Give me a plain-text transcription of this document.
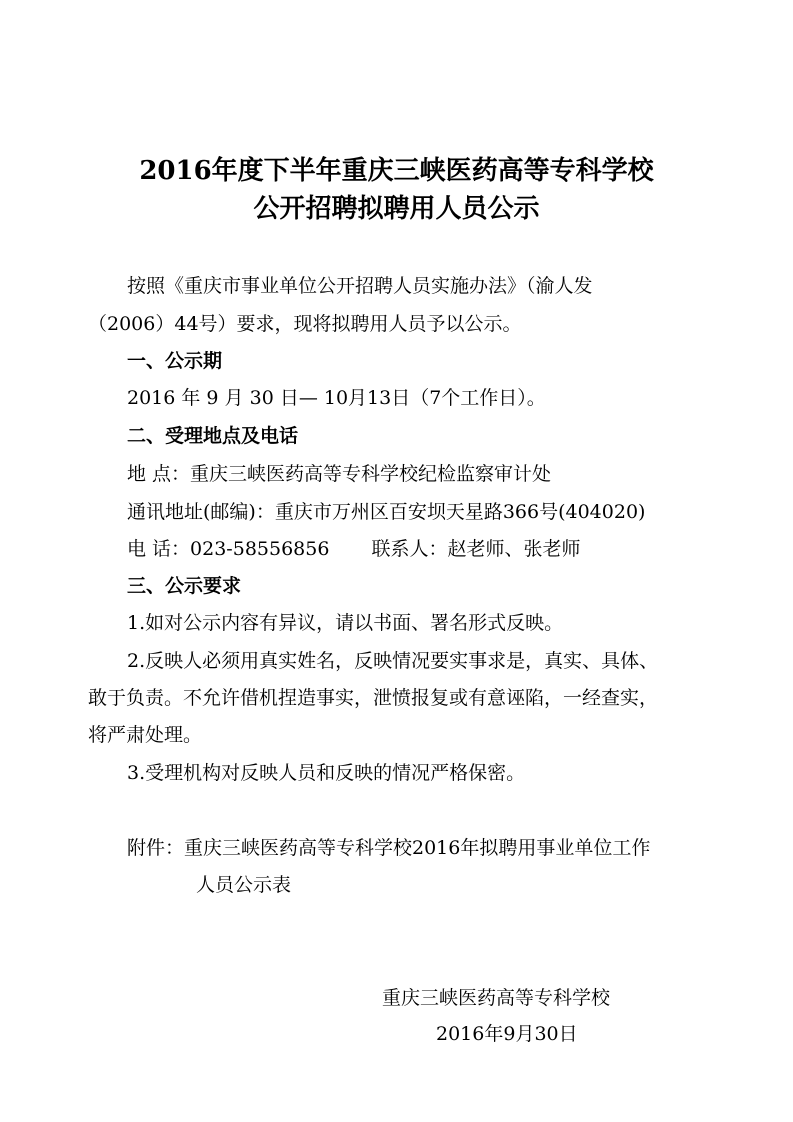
2016年度下半年重庆三峡医药高等专科学校
公开招聘拟聘用人员公示
按照《重庆市事业单位公开招聘人员实施办法》（渝人发
（2006）44号）要求，现将拟聘用人员予以公示。
一、公示期
2016 年 9 月 30 日— 10月13日（7个工作日）。
二、受理地点及电话
地 点：重庆三峡医药高等专科学校纪检监察审计处
通讯地址(邮编)：重庆市万州区百安坝天星路366号(404020)
电 话：023-58556856 联系人：赵老师、张老师
三、公示要求
1.如对公示内容有异议，请以书面、署名形式反映。
2.反映人必须用真实姓名，反映情况要实事求是，真实、具体、
敢于负责。不允许借机捏造事实，泄愤报复或有意诬陷，一经查实，
将严肃处理。
3.受理机构对反映人员和反映的情况严格保密。
附件：重庆三峡医药高等专科学校2016年拟聘用事业单位工作
人员公示表
重庆三峡医药高等专科学校
2016年9月30日
